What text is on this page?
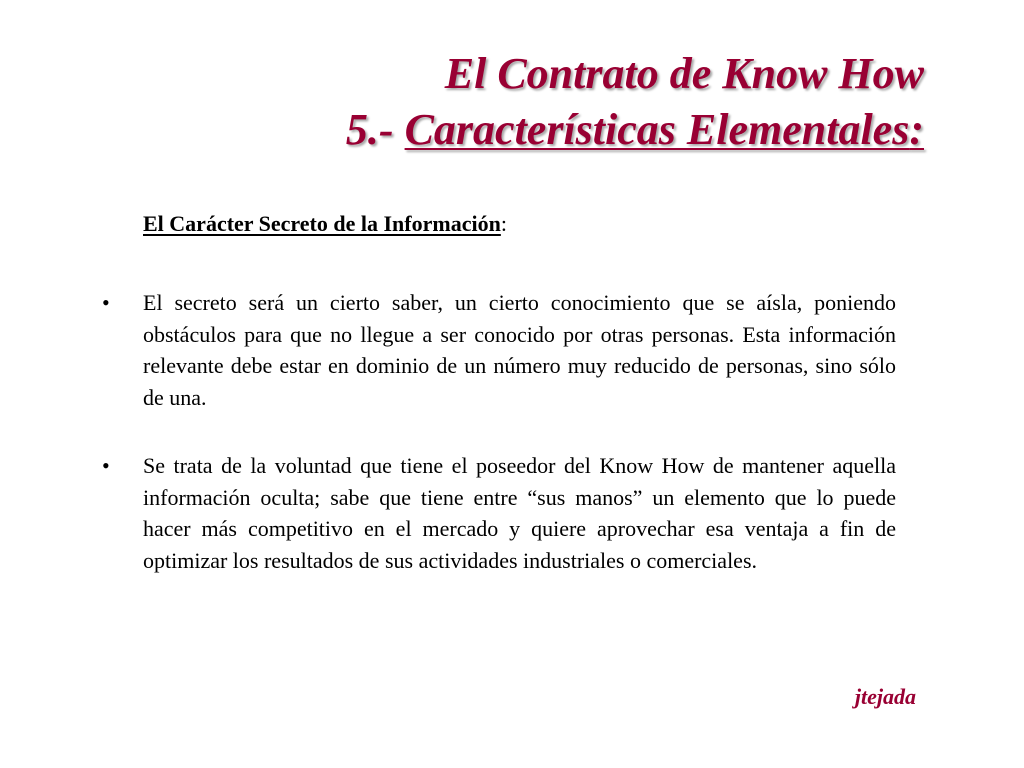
El Contrato de Know How
5.- Características Elementales:
El Carácter Secreto de la Información:
• El secreto será un cierto saber, un cierto conocimiento que se aísla, poniendo obstáculos para que no llegue a ser conocido por otras personas. Esta información relevante debe estar en dominio de un número muy reducido de personas, sino sólo de una.
• Se trata de la voluntad que tiene el poseedor del Know How de mantener aquella información oculta; sabe que tiene entre “sus manos” un elemento que lo puede hacer más competitivo en el mercado y quiere aprovechar esa ventaja a fin de optimizar los resultados de sus actividades industriales o comerciales.
jtejada
